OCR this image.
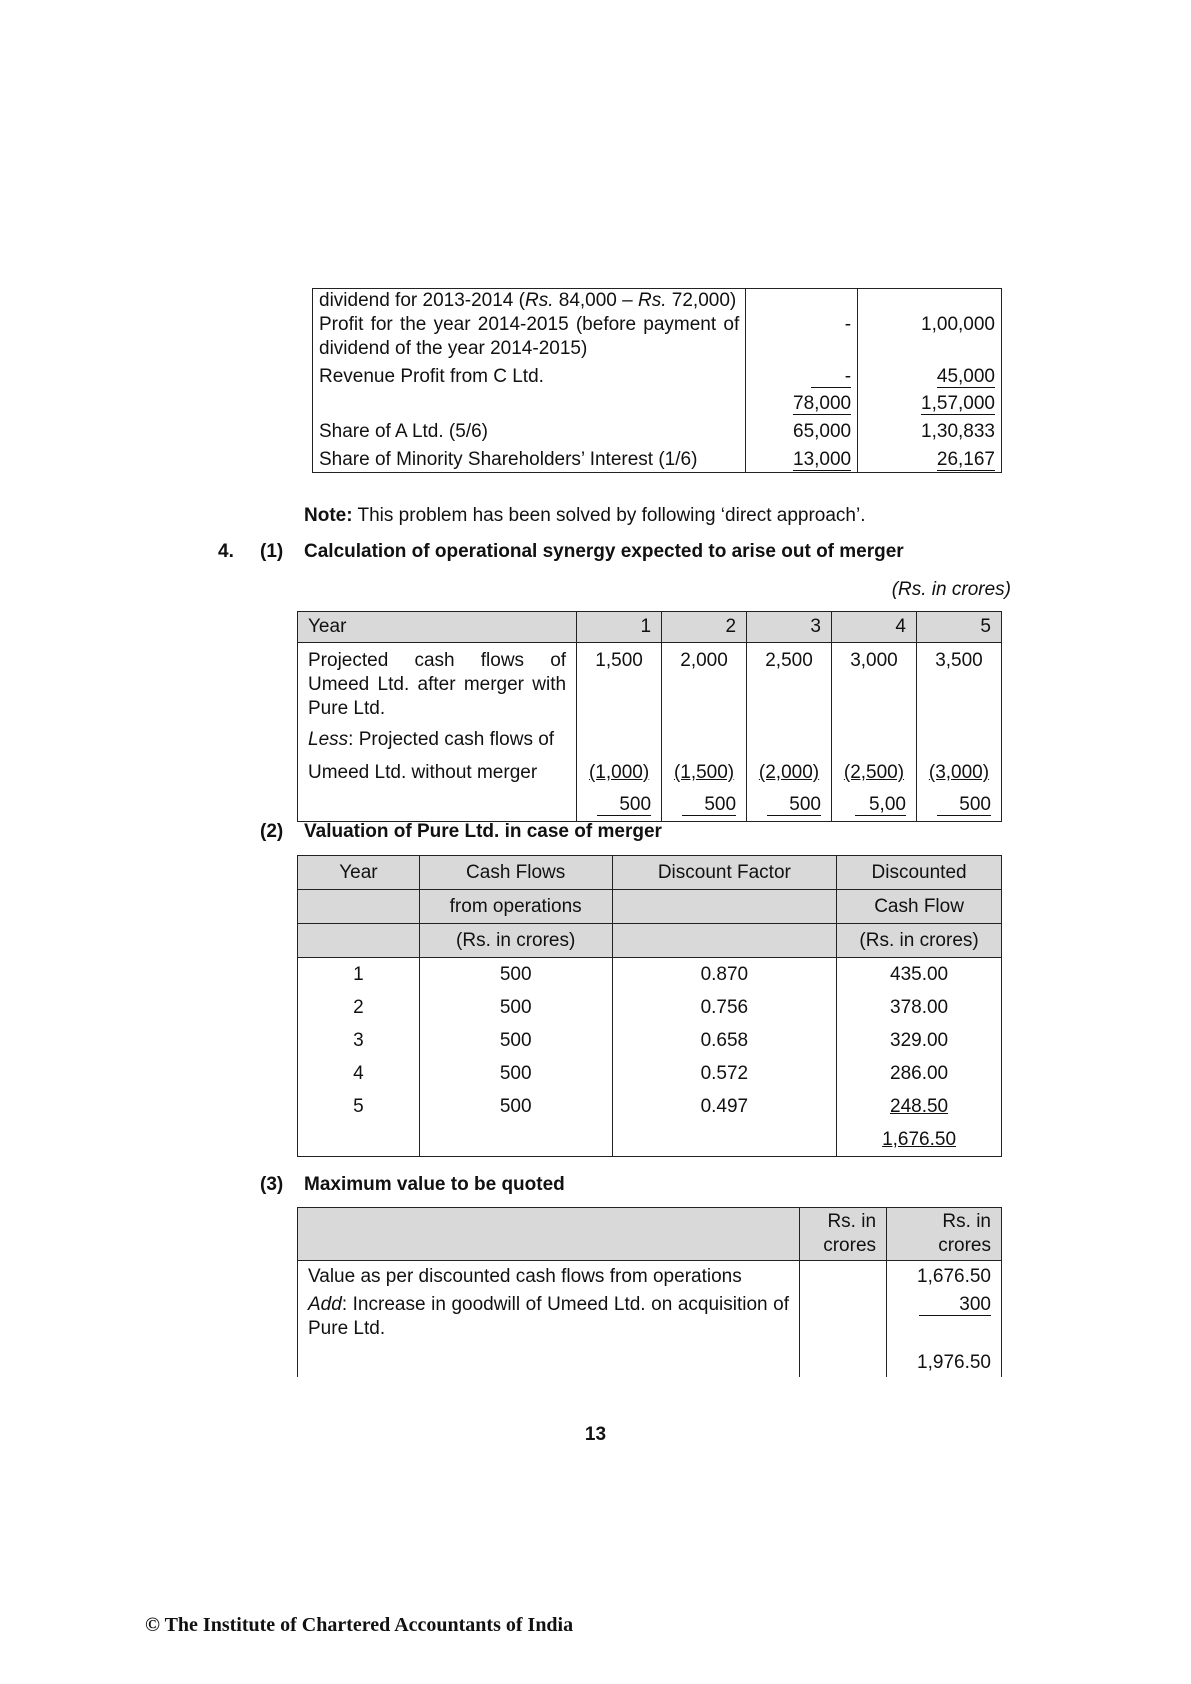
dividend for 2013-2014 (Rs. 84,000 – Rs. 72,000)		
Profit for the year 2014-2015 (before payment of dividend of the year 2014-2015)	-	1,00,000
Revenue Profit from C Ltd.	-	45,000
	78,000	1,57,000
Share of A Ltd. (5/6)	65,000	1,30,833
Share of Minority Shareholders’ Interest (1/6)	13,000	26,167
Note: This problem has been solved by following ‘direct approach’.
4. (1) Calculation of operational synergy expected to arise out of merger
(Rs. in crores)
Year	1	2	3	4	5
Projected cash flows of Umeed Ltd. after merger with Pure Ltd.	1,500	2,000	2,500	3,000	3,500
Less: Projected cash flows of					
Umeed Ltd. without merger	(1,000)	(1,500)	(2,000)	(2,500)	(3,000)
	500	500	500	5,00	500
(2) Valuation of Pure Ltd. in case of merger
Year	Cash Flows	Discount Factor	Discounted
	from operations		Cash Flow
	(Rs. in crores)		(Rs. in crores)
1	500	0.870	435.00
2	500	0.756	378.00
3	500	0.658	329.00
4	500	0.572	286.00
5	500	0.497	248.50
			1,676.50
(3) Maximum value to be quoted
	Rs. in crores	Rs. in crores
Value as per discounted cash flows from operations		1,676.50
Add: Increase in goodwill of Umeed Ltd. on acquisition of Pure Ltd.		300
		1,976.50
13
© The Institute of Chartered Accountants of India
